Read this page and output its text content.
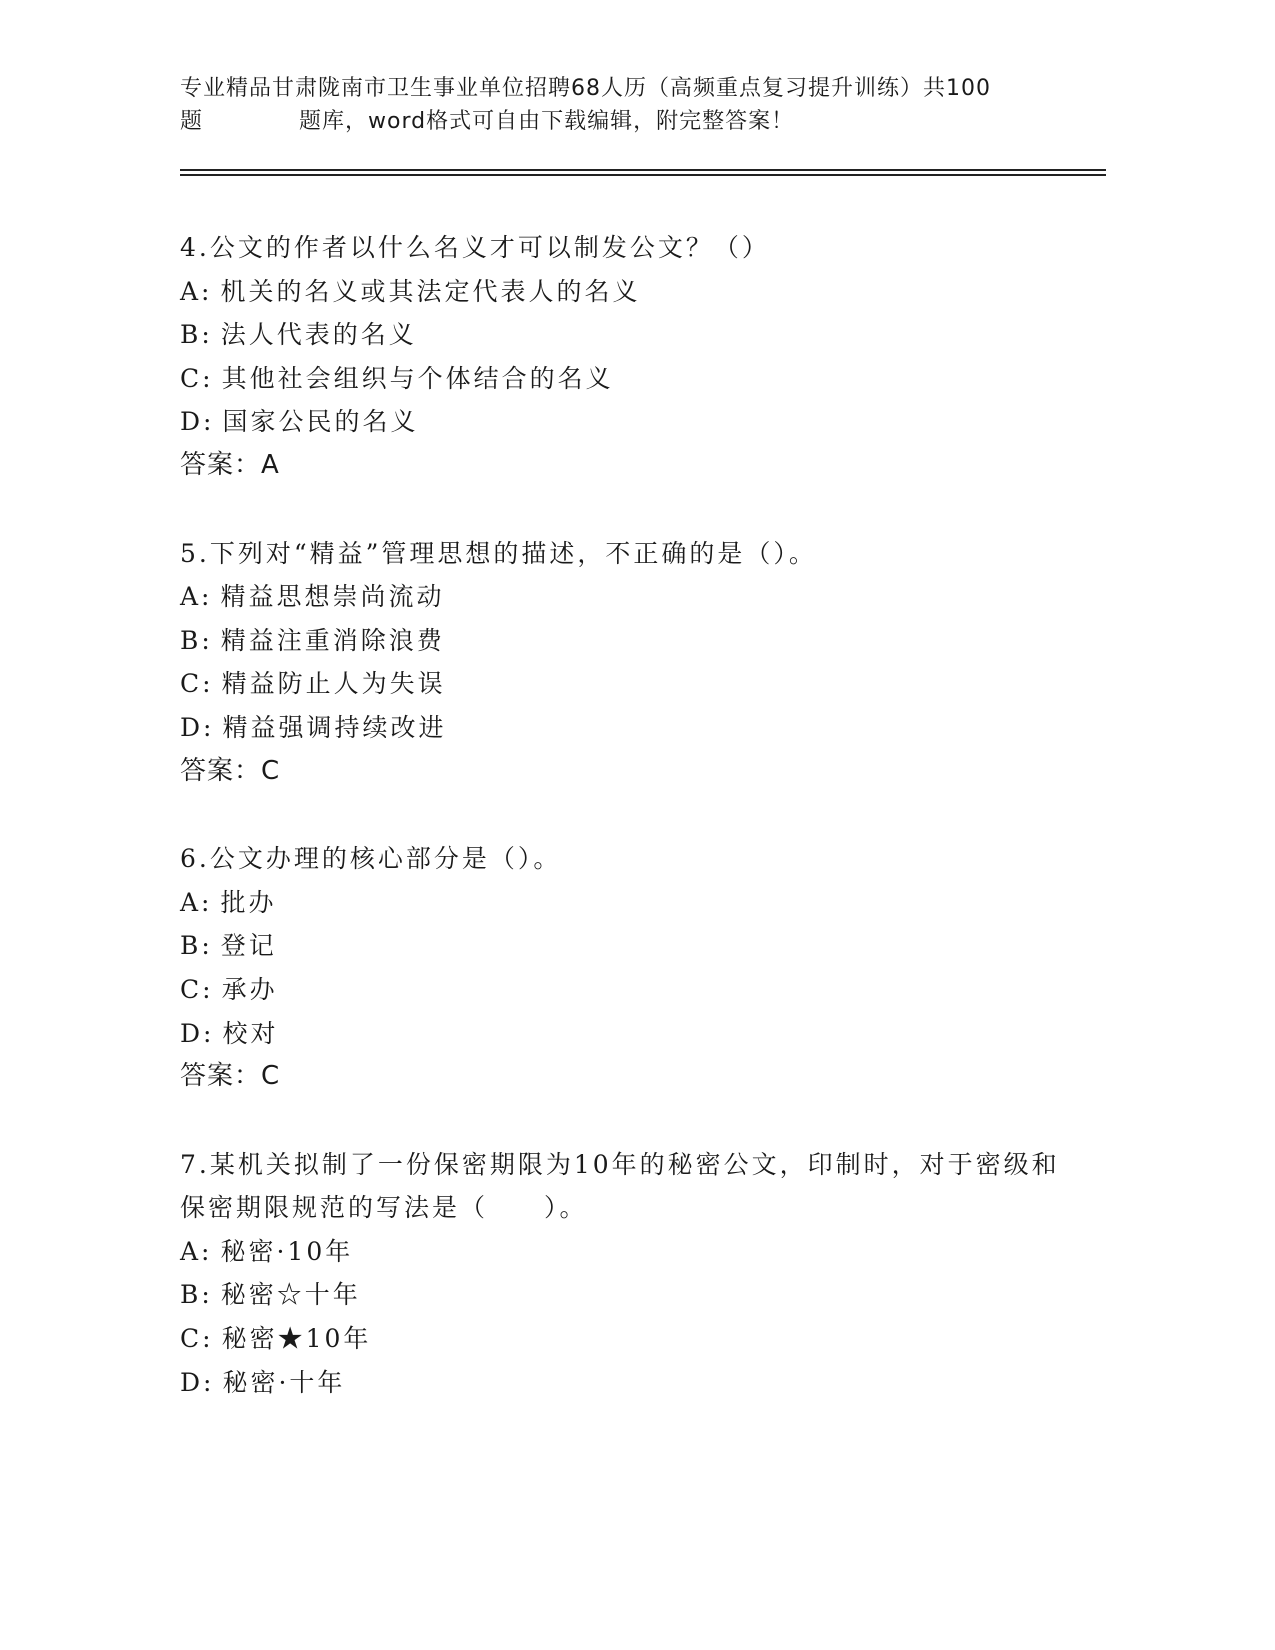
专业精品甘肃陇南市卫生事业单位招聘68人历（高频重点复习提升训练）共100
题	题库，word格式可自由下载编辑，附完整答案！
4.公文的作者以什么名义才可以制发公文？（）
A: 机关的名义或其法定代表人的名义
B: 法人代表的名义
C: 其他社会组织与个体结合的名义
D: 国家公民的名义
答案：A
5.下列对“精益”管理思想的描述，不正确的是（）。
A: 精益思想崇尚流动
B: 精益注重消除浪费
C: 精益防止人为失误
D: 精益强调持续改进
答案：C
6.公文办理的核心部分是（）。
A: 批办
B: 登记
C: 承办
D: 校对
答案：C
7.某机关拟制了一份保密期限为10年的秘密公文，印制时，对于密级和保密期限规范的写法是（　　）。
A: 秘密·10年
B: 秘密☆十年
C: 秘密★10年
D: 秘密·十年
